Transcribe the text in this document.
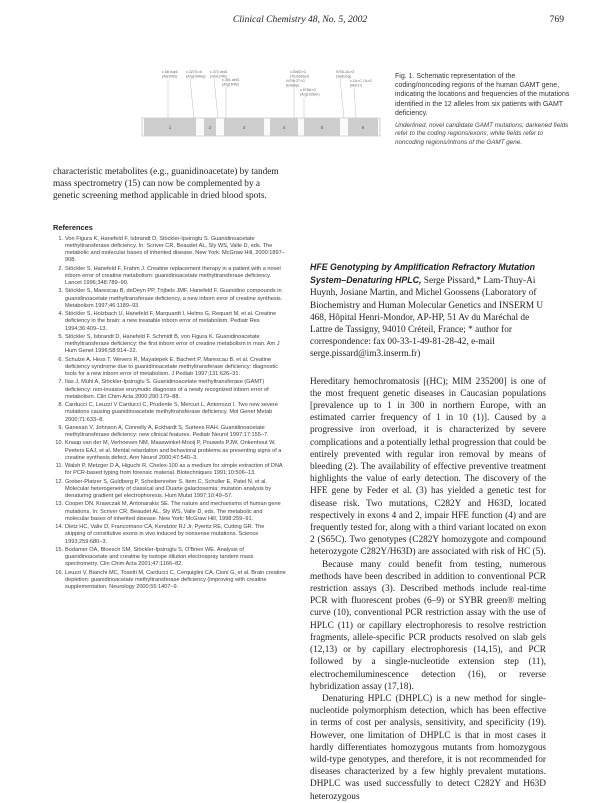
Clinical Chemistry 48, No. 5, 2002	769
c.58 dupli (Asn20fs)
c.327G>A (Arg109Arg)
c.370 delA (Glu124fs)
c.491 delG (Arg164fs)
c.506G>C (Trp169Ser)
IVS4+2T>G (E4skip)
c.578A>G (Arg193Ser)
IVS5-2A>G (Splicing)
c.1A>C / A>G (Met1?)
1	2	3	4	5	6

Fig. 1. Schematic representation of the coding/noncoding regions of the human GAMT gene, indicating the locations and frequencies of the mutations identified in the 12 alleles from six patients with GAMT deficiency.

Underlined, novel candidate GAMT mutations; darkened fields refer to the coding regions/exons; white fields refer to noncoding regions/introns of the GAMT gene.

characteristic metabolites (e.g., guanidinoacetate) by tandem mass spectrometry (15) can now be complemented by a genetic screening method applicable in dried blood spots.

References
1. Von Figura K, Hanefeld F, Isbrandt D, Stöckler-Ipsiroglu S. Guanidinoacetate methyltransferase deficiency. In: Scriver CR, Beaudet AL, Sly WS, Valle D, eds. The metabolic and molecular bases of inherited disease. New York: McGraw Hill, 2000:1897–908.
2. Stöckler S, Hanefeld F, Frahm J. Creatine replacement therapy in a patient with a novel inborn error of creatine metabolism: guanidinoacetate methyltransferase deficiency. Lancet 1996;348:789–90.
3. Stöckler S, Marescau B, deDeyn PP, Trijbels JMF, Hanefeld F. Guanidino compounds in guanidinoacetate methyltransferase deficiency, a new inborn error of creatine synthesis. Metabolism 1997;46:1189–93.
4. Stöckler S, Holzbach U, Hanefeld F, Marquardt I, Helms G, Requart M, et al. Creatine deficiency in the brain: a new treatable inborn error of metabolism. Pediatr Res 1994;36:409–13.
5. Stöckler S, Isbrandt D, Hanefeld F, Schmidt B, von Figura K. Guanidinoacetate methyltransferase deficiency: the first inborn error of creatine metabolism in man. Am J Hum Genet 1996;58:914–22.
6. Schulze A, Hess T, Wevers R, Mayatepek E, Bachert P, Marescau B, et al. Creatine deficiency syndrome due to guanidinoacetate methyltransferase deficiency: diagnostic tools for a new inborn error of metabolism. J Pediatr 1997;131:626–31.
7. Ilas J, Mühl A, Stöckler-Ipsiroglu S. Guanidinoacetate methyltransferase (GAMT) deficiency: non-invasive enzymatic diagnosis of a newly recognized inborn error of metabolism. Clin Chim Acta 2000;290:179–88.
8. Carducci C, Leuzzi V Carducci C, Prudente S, Mercuri L, Antonozzi I. Two new severe mutations causing guanidinoacetate methyltransferase deficiency. Mol Genet Metab 2000;71:633–8.
9. Ganesan V, Johnson A, Connelly A, Eckhardt S, Surtees RAH. Guanidinoacetate methyltransferase deficiency: new clinical features. Pediatr Neurol 1997;17:155–7.
10. Knaap van der M, Verhoeven NM, Maaswinkel-Mooij P, Pouwels PJW, Onkenhout W, Peeters EAJ, et al. Mental retardation and behavioral problems as presenting signs of a creatine synthesis defect. Ann Neurol 2000;47:540–3.
11. Walsh P, Metzger D A, Higuchi R. Chelex-100 as a medium for simple extraction of DNA for PCR-based typing from forensic material. Biotechniques 1991;10:506–13.
12. Greber-Platzer S, Guldberg P, Scheibenreiter S, Item C, Schuller E, Patel N, et al. Molecular heterogeneity of classical and Duarte galactosemia: mutation analysis by denaturing gradient gel electrophoresis. Hum Mutat 1997;10:49–57.
13. Cooper DN, Krawczak M, Antonarakis SE. The nature and mechanisms of human gene mutations. In: Scriver CR, Beaudet AL, Sly WS, Valle D, eds. The metabolic and molecular bases of inherited disease. New York: McGraw Hill, 1998:259–91.
14. Dietz HC, Valle D, Francomano CA, Kendzior RJ Jr, Pyeritz RE, Cutting GR. The skipping of constitutive exons in vivo induced by nonsense mutations. Science 1993;259:680–3.
15. Bodamer OA, Bloesch SM, Stöckler-Ipsiroglu S, O'Brien WE. Analysis of guanidinoacetate and creatine by isotope dilution electrospray tandem mass spectrometry. Clin Chim Acta 2001;47:1166–82.
16. Leuzzi V, Bianchi MC, Tosetti M, Carducci C, Cerquiglini CA, Cioni G, et al. Brain creatine depletion: guanidinoacetate methyltransferase deficiency (improving with creatine supplementation. Neurology 2000;55:1407–9.

HFE Genotyping by Amplification Refractory Mutation System–Denaturing HPLC, Serge Pissard,* Lam-Thuy-Ai Huynh, Josiane Martin, and Michel Goossens (Laboratory of Biochemistry and Human Molecular Genetics and INSERM U 468, Hôpital Henri-Mondor, AP-HP, 51 Av du Maréchal de Lattre de Tassigny, 94010 Créteil, France; * author for correspondence: fax 00-33-1-49-81-28-42, e-mail serge.pissard@im3.inserm.fr)

Hereditary hemochromatosis [(HC); MIM 235200] is one of the most frequent genetic diseases in Caucasian populations [prevalence up to 1 in 300 in northern Europe, with an estimated carrier frequency of 1 in 10 (1)]. Caused by a progressive iron overload, it is characterized by severe complications and a potentially lethal progression that could be entirely prevented with regular iron removal by means of bleeding (2). The availability of effective preventive treatment highlights the value of early detection. The discovery of the HFE gene by Feder et al. (3) has yielded a genetic test for disease risk. Two mutations, C282Y and H63D, located respectively in exons 4 and 2, impair HFE function (4) and are frequently tested for, along with a third variant located on exon 2 (S65C). Two genotypes (C282Y homozygote and compound heterozygote C282Y/H63D) are associated with risk of HC (5).

Because many could benefit from testing, numerous methods have been described in addition to conventional PCR restriction assays (3). Described methods include real-time PCR with fluorescent probes (6–9) or SYBR green® melting curve (10), conventional PCR restriction assay with the use of HPLC (11) or capillary electrophoresis to resolve restriction fragments, allele-specific PCR products resolved on slab gels (12,13) or by capillary electrophoresis (14,15), and PCR followed by a single-nucleotide extension step (11), electrochemiluminescence detection (16), or reverse hybridization assay (17,18).

Denaturing HPLC (DHPLC) is a new method for single-nucleotide polymorphism detection, which has been effective in terms of cost per analysis, sensitivity, and specificity (19). However, one limitation of DHPLC is that in most cases it hardly differentiates homozygous mutants from homozygous wild-type genotypes, and therefore, it is not recommended for diseases characterized by a few highly prevalent mutations. DHPLC was used successfully to detect C282Y and H63D heterozygous
